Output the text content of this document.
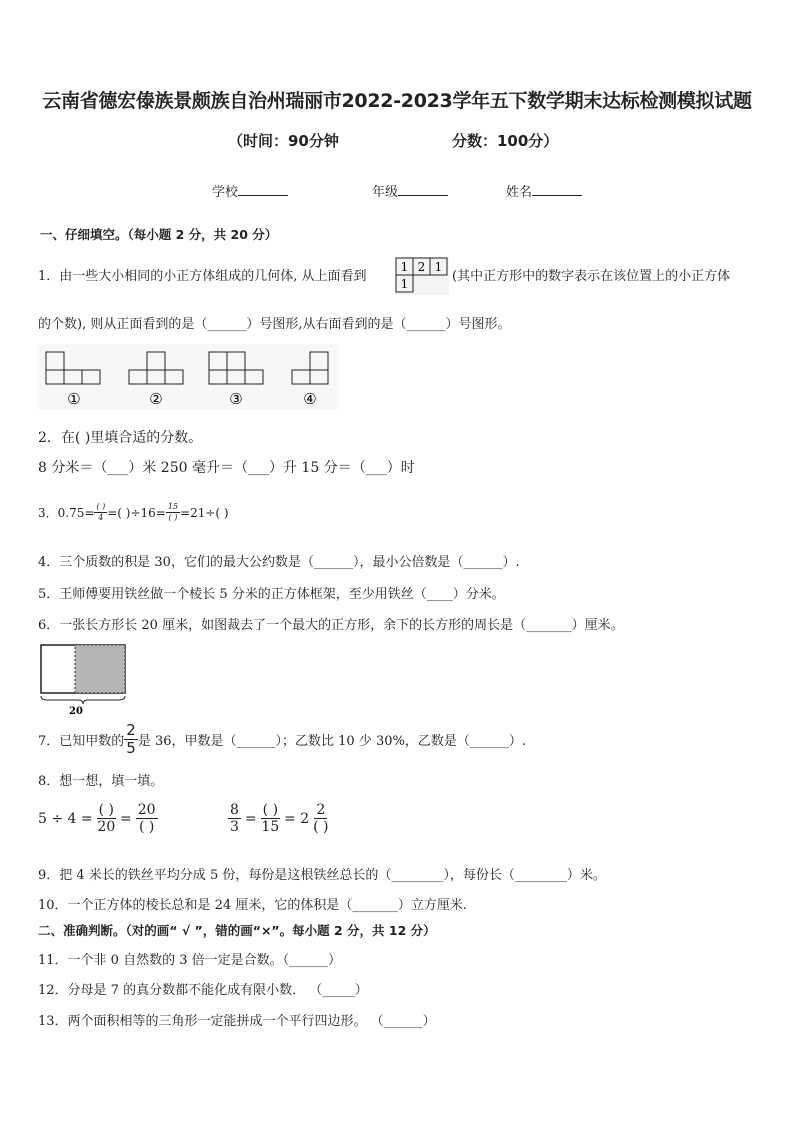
云南省德宏傣族景颇族自治州瑞丽市2022-2023学年五下数学期末达标检测模拟试题
（时间：90分钟	分数：100分）
学校	年级	姓名
一、仔细填空。（每小题 2 分，共 20 分）
1．由一些大小相同的小正方体组成的几何体, 从上面看到
1 2 1
1	(其中正方形中的数字表示在该位置上的小正方体
的个数), 则从正面看到的是（______）号图形,从右面看到的是（______）号图形。
①	②	③	④
2．在( )里填合适的分数。
8 分米＝（___）米 250 毫升＝（___）升 15 分＝（___）时
3．$0.75= \frac{( )}{4}$ =( )$\div 16= \frac{15}{( )} =21\div$( )
4．三个质数的积是 30，它们的最大公约数是（______），最小公倍数是（______）.
5．王师傅要用铁丝做一个棱长 5 分米的正方体框架，至少用铁丝（____）分米。
6．一张长方形长 20 厘米，如图裁去了一个最大的正方形，余下的长方形的周长是（_______）厘米。
20
7．已知甲数的 $\frac{2}{5}$ 是 36，甲数是（______）；乙数比 10 少 30%，乙数是（______）.
8．想一想，填一填。
$5 \div 4 = \frac{( )}{20} = \frac{20}{( )}$	$\frac{8}{3} = \frac{( )}{15} = 2 \frac{2}{( )}$
9．把 4 米长的铁丝平均分成 5 份，每份是这根铁丝总长的（________），每份长（________）米。
10．一个正方体的棱长总和是 24 厘米，它的体积是（_______）立方厘米.
二、准确判断。（对的画“ √ ”，错的画“×”。每小题 2 分，共 12 分）
11．一个非 0 自然数的 3 倍一定是合数。（______）
12．分母是 7 的真分数都不能化成有限小数． （_____）
13．两个面积相等的三角形一定能拼成一个平行四边形。 （______）
